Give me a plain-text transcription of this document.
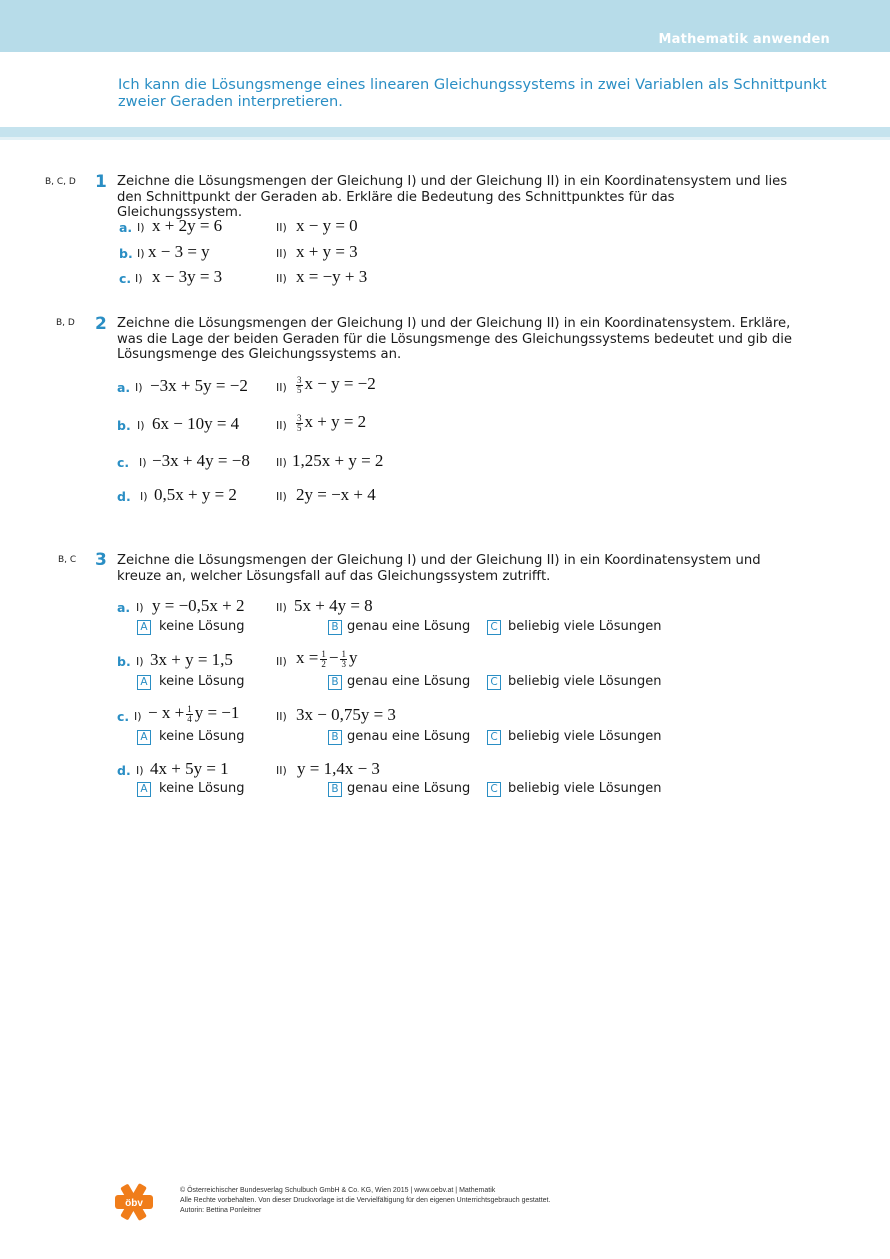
Mathematik anwenden
Ich kann die Lösungsmenge eines linearen Gleichungssystems in zwei Variablen als Schnittpunkt zweier Geraden interpretieren.
B, C, D 1 Zeichne die Lösungsmengen der Gleichung I) und der Gleichung II) in ein Koordinatensystem und lies den Schnittpunkt der Geraden ab. Erkläre die Bedeutung des Schnittpunktes für das Gleichungssystem.
a. I) x + 2y = 6	II) x − y = 0
b. I) x − 3 = y	II) x + y = 3
c. I) x − 3y = 3	II) x = −y + 3
B, D 2 Zeichne die Lösungsmengen der Gleichung I) und der Gleichung II) in ein Koordinatensystem. Erkläre, was die Lage der beiden Geraden für die Lösungsmenge des Gleichungssystems bedeutet und gib die Lösungsmenge des Gleichungssystems an.
a. I) −3x + 5y = −2	$II) \frac{3}{5}$ x − y = −2
b. I) 6x − 10y = 4	$II) \frac{3}{5}$ x + y = 2
c. I) −3x + 4y = −8 II) 1,25x + y = 2
d. I) 0,5x + y = 2	II) 2y = −x + 4
B, C 3 Zeichne die Lösungsmengen der Gleichung I) und der Gleichung II) in ein Koordinatensystem und kreuze an, welcher Lösungsfall auf das Gleichungssystem zutrifft.
a. I) y = −0,5x + 2	II) 5x + 4y = 8
A keine Lösung	B genau eine Lösung	C beliebig viele Lösungen
b. I) 3x + y = 1,5	II) $x = \frac{1}{2} - \frac{1}{3}$ y
A keine Lösung	B genau eine Lösung	C beliebig viele Lösungen
c. $I) - x + \frac{1}{4}$ y = −1	II) 3x − 0,75y = 3
A keine Lösung	B genau eine Lösung	C beliebig viele Lösungen
d. I) 4x + 5y = 1	II) y = 1,4x − 3
A keine Lösung	B genau eine Lösung	C beliebig viele Lösungen
öbv
© Österreichischer Bundesverlag Schulbuch GmbH & Co. KG, Wien 2015 | www.oebv.at | Mathematik
Alle Rechte vorbehalten. Von dieser Druckvorlage ist die Vervielfältigung für den eigenen Unterrichtsgebrauch gestattet.
Autorin: Bettina Ponleitner
